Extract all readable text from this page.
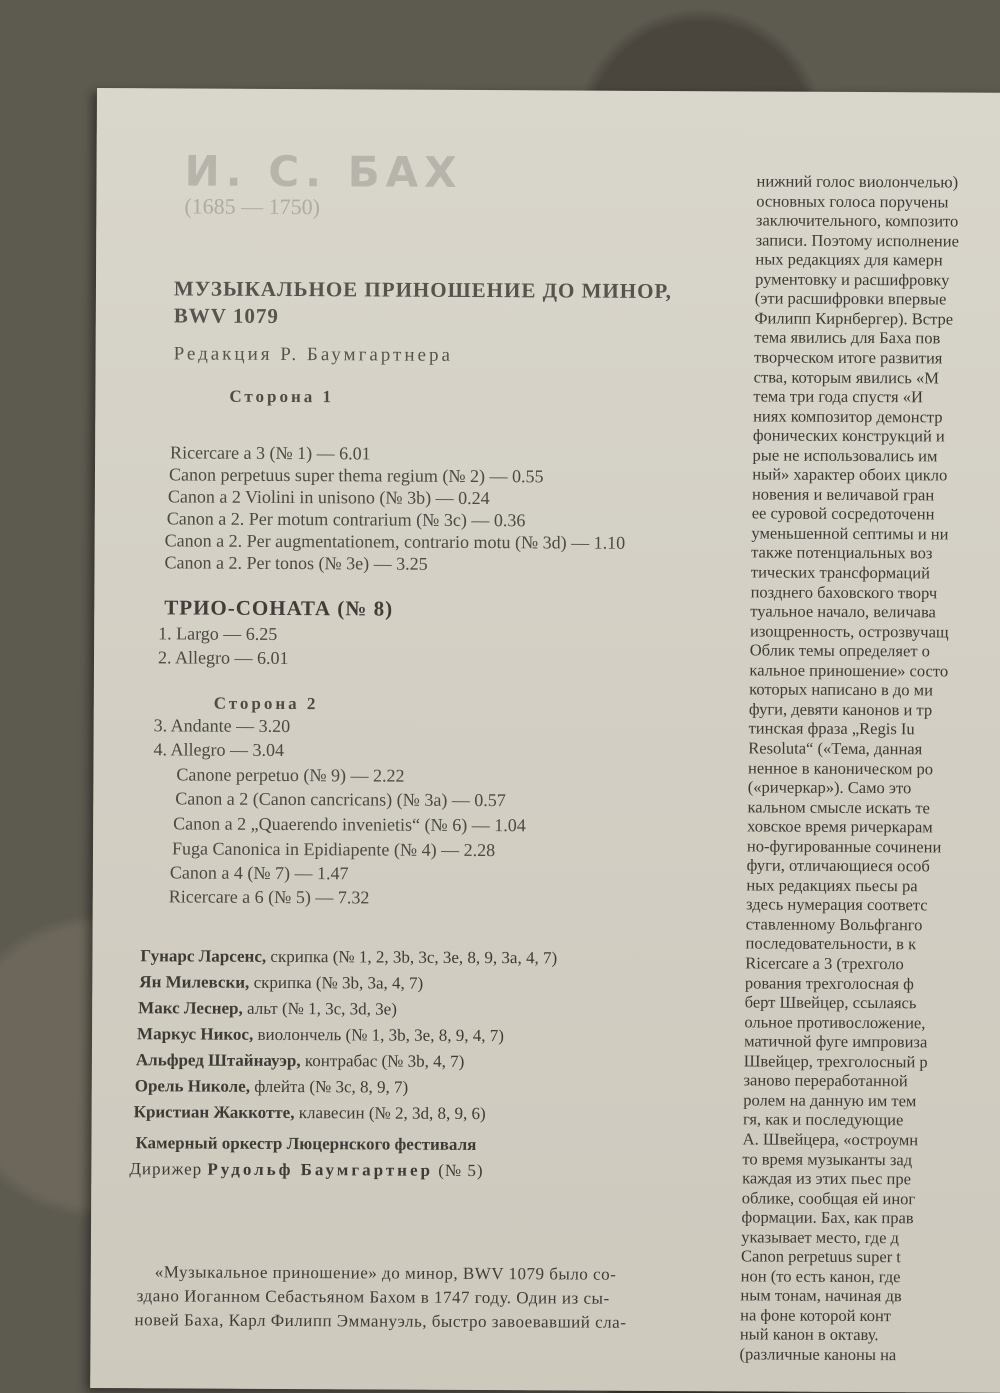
И. С. БАХ
(1685 — 1750)
МУЗЫКАЛЬНОЕ ПРИНОШЕНИЕ ДО МИНОР,
BWV 1079
Редакция Р. Баумгартнера
Сторона 1
Ricercare a 3 (№ 1) — 6.01
Canon perpetuus super thema regium (№ 2) — 0.55
Canon a 2 Violini in unisono (№ 3b) — 0.24
Canon a 2. Per motum contrarium (№ 3c) — 0.36
Canon a 2. Per augmentationem, contrario motu (№ 3d) — 1.10
Canon a 2. Per tonos (№ 3e) — 3.25
ТРИО-СОНАТА (№ 8)
1. Largo — 6.25
2. Allegro — 6.01
Сторона 2
3. Andante — 3.20
4. Allegro — 3.04
Canone perpetuo (№ 9) — 2.22
Canon a 2 (Canon cancricans) (№ 3a) — 0.57
Canon a 2 „Quaerendo invenietis“ (№ 6) — 1.04
Fuga Canonica in Epidiapente (№ 4) — 2.28
Canon a 4 (№ 7) — 1.47
Ricercare a 6 (№ 5) — 7.32
Гунарс Ларсенс, скрипка (№ 1, 2, 3b, 3c, 3e, 8, 9, 3a, 4, 7)
Ян Милевски, скрипка (№ 3b, 3a, 4, 7)
Макс Леснер, альт (№ 1, 3c, 3d, 3e)
Маркус Никос, виолончель (№ 1, 3b, 3e, 8, 9, 4, 7)
Альфред Штайнауэр, контрабас (№ 3b, 4, 7)
Орель Николе, флейта (№ 3c, 8, 9, 7)
Кристиан Жаккотте, клавесин (№ 2, 3d, 8, 9, 6)
Камерный оркестр Люцернского фестиваля
Дирижер Рудольф Баумгартнер (№ 5)
«Музыкальное приношение» до минор, BWV 1079 было со-
здано Иоганном Себастьяном Бахом в 1747 году. Один из сы-
новей Баха, Карл Филипп Эммануэль, быстро завоевавший сла-
нижний голос виолончелью)
основных голоса поручены
заключительного, композито
записи. Поэтому исполнение
ных редакциях для камерн
рументовку и расшифровку
(эти расшифровки впервые
Филипп Кирнбергер). Встре
тема явились для Баха пов
творческом итоге развития
ства, которым явились «М
тема три года спустя «И
ниях композитор демонстр
фонических конструкций и
рые не использовались им
ный» характер обоих цикло
новения и величавой гран
ее суровой сосредоточенн
уменьшенной септимы и ни
также потенциальных воз
тических трансформаций
позднего баховского творч
туальное начало, величава
изощренность, острозвучащ
Облик темы определяет о
кальное приношение» состо
которых написано в до ми
фуги, девяти канонов и тр
тинская фраза „Regis Iu
Resoluta“ («Тема, данная
ненное в каноническом ро
(«ричеркар»). Само это
кальном смысле искать те
ховское время ричеркарам
но-фугированные сочинени
фуги, отличающиеся особ
ных редакциях пьесы ра
здесь нумерация соответс
ставленному Вольфганго
последовательности, в к
Ricercare a 3 (трехголо
рования трехголосная ф
берт Швейцер, ссылаясь
ольное противосложение,
матичной фуге импровиза
Швейцер, трехголосный р
заново переработанной
ролем на данную им тем
гя, как и последующие
А. Швейцера, «остроумн
то время музыканты зад
каждая из этих пьес пре
облике, сообщая ей иног
формации. Бах, как прав
указывает место, где д
Canon perpetuus super t
нон (то есть канон, где
ным тонам, начиная дв
на фоне которой конт
ный канон в октаву.
(различные каноны на
